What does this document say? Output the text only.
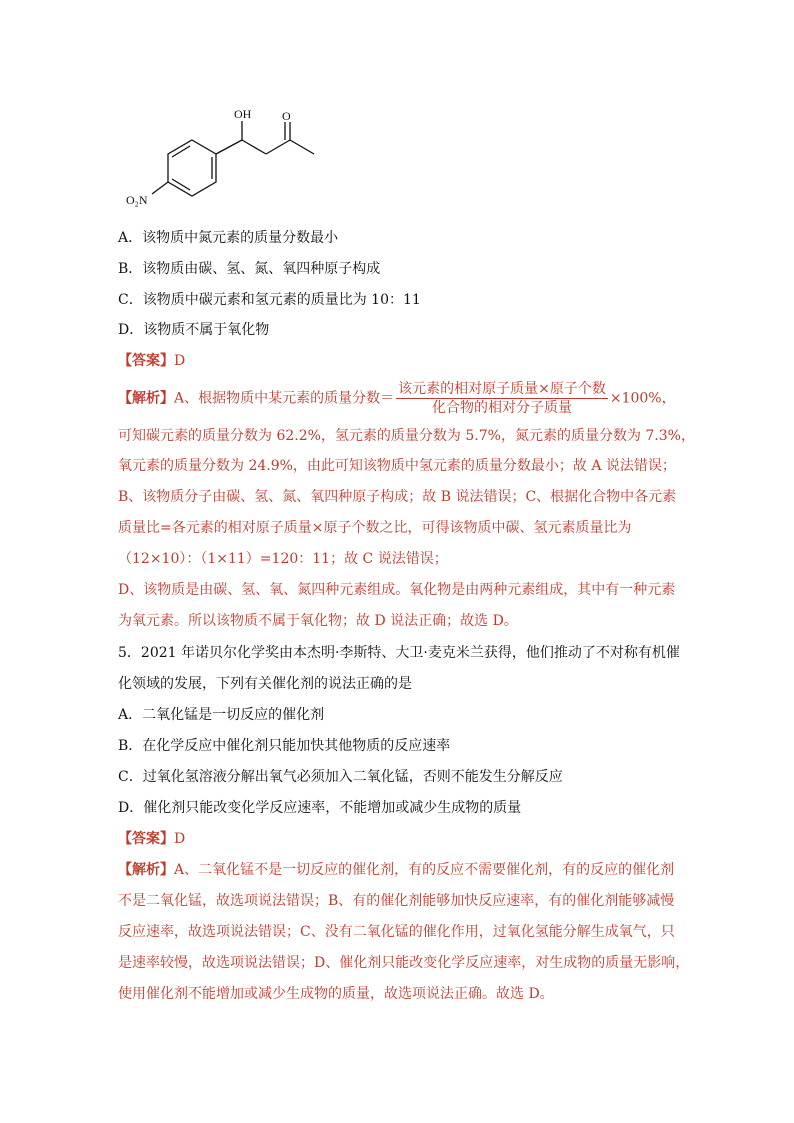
OH	O
O₂N
A．该物质中氮元素的质量分数最小
B．该物质由碳、氢、氮、氧四种原子构成
C．该物质中碳元素和氢元素的质量比为 10：11
D．该物质不属于氧化物
【答案】D
【解析】A、根据物质中某元素的质量分数＝ $\frac{\text{该元素的相对原子质量×原子个数}}{\text{化合物的相对分子质量}} \times 100\%$，
可知碳元素的质量分数为 62.2%，氢元素的质量分数为 5.7%，氮元素的质量分数为 7.3%，
氧元素的质量分数为 24.9%，由此可知该物质中氢元素的质量分数最小；故 A 说法错误；
B、该物质分子由碳、氢、氮、氧四种原子构成；故 B 说法错误；C、根据化合物中各元素
质量比=各元素的相对原子质量×原子个数之比，可得该物质中碳、氢元素质量比为
（12×10）：（1×11）=120：11；故 C 说法错误；
D、该物质是由碳、氢、氧、氮四种元素组成。氧化物是由两种元素组成，其中有一种元素
为氧元素。所以该物质不属于氧化物；故 D 说法正确；故选 D。
5．2021 年诺贝尔化学奖由本杰明·李斯特、大卫·麦克米兰获得，他们推动了不对称有机催
化领域的发展，下列有关催化剂的说法正确的是
A．二氧化锰是一切反应的催化剂
B．在化学反应中催化剂只能加快其他物质的反应速率
C．过氧化氢溶液分解出氧气必须加入二氧化锰，否则不能发生分解反应
D．催化剂只能改变化学反应速率，不能增加或减少生成物的质量
【答案】D
【解析】A、二氧化锰不是一切反应的催化剂，有的反应不需要催化剂，有的反应的催化剂
不是二氧化锰，故选项说法错误；B、有的催化剂能够加快反应速率，有的催化剂能够减慢
反应速率，故选项说法错误；C、没有二氧化锰的催化作用，过氧化氢能分解生成氧气，只
是速率较慢，故选项说法错误；D、催化剂只能改变化学反应速率，对生成物的质量无影响，
使用催化剂不能增加或减少生成物的质量，故选项说法正确。故选 D。
